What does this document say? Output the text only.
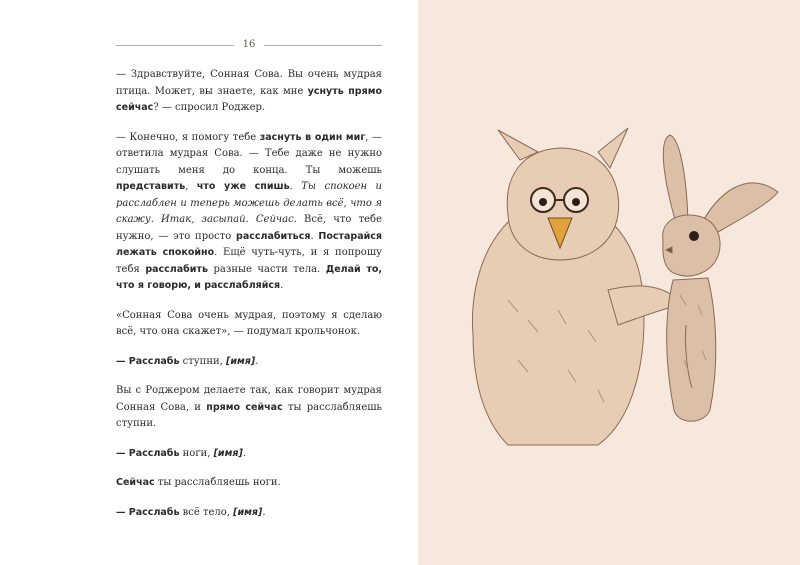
16

— Здравствуйте, Сонная Сова. Вы очень мудрая птица. Может, вы знаете, как мне уснуть прямо сейчас? — спросил Роджер.

— Конечно, я помогу тебе заснуть в один миг, — ответила мудрая Сова. — Тебе даже не нужно слушать меня до конца. Ты можешь представить, что уже спишь. Ты спокоен и расслаблен и теперь можешь делать всё, что я скажу. Итак, засыпай. Сейчас. Всё, что тебе нужно, — это просто расслабиться. Постарайся лежать спокойно. Ещё чуть-чуть, и я попрошу тебя расслабить разные части тела. Делай то, что я говорю, и расслабляйся.

«Сонная Сова очень мудрая, поэтому я сделаю всё, что она скажет», — подумал крольчонок.

— Расслабь ступни, [имя].

Вы с Роджером делаете так, как говорит мудрая Сонная Сова, и прямо сейчас ты расслабляешь ступни.

— Расслабь ноги, [имя].

Сейчас ты расслабляешь ноги.

— Расслабь всё тело, [имя].
